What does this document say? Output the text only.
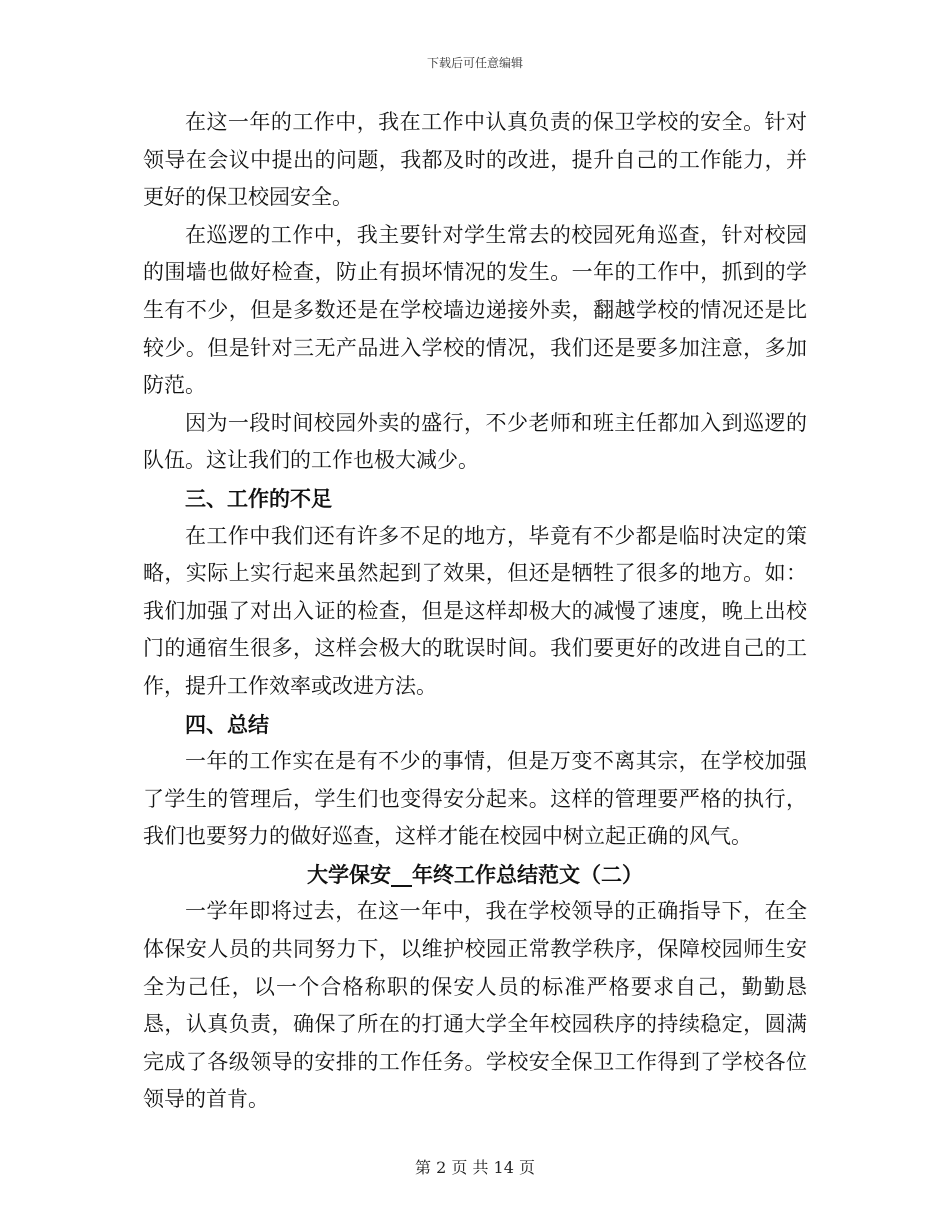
下载后可任意编辑

在这一年的工作中，我在工作中认真负责的保卫学校的安全。针对领导在会议中提出的问题，我都及时的改进，提升自己的工作能力，并更好的保卫校园安全。

在巡逻的工作中，我主要针对学生常去的校园死角巡查，针对校园的围墙也做好检查，防止有损坏情况的发生。一年的工作中，抓到的学生有不少，但是多数还是在学校墙边递接外卖，翻越学校的情况还是比较少。但是针对三无产品进入学校的情况，我们还是要多加注意，多加防范。

因为一段时间校园外卖的盛行，不少老师和班主任都加入到巡逻的队伍。这让我们的工作也极大减少。

三、工作的不足

在工作中我们还有许多不足的地方，毕竟有不少都是临时决定的策略，实际上实行起来虽然起到了效果，但还是牺牲了很多的地方。如：我们加强了对出入证的检查，但是这样却极大的减慢了速度，晚上出校门的通宿生很多，这样会极大的耽误时间。我们要更好的改进自己的工作，提升工作效率或改进方法。

四、总结

一年的工作实在是有不少的事情，但是万变不离其宗，在学校加强了学生的管理后，学生们也变得安分起来。这样的管理要严格的执行，我们也要努力的做好巡查，这样才能在校园中树立起正确的风气。

大学保安__年终工作总结范文（二）

一学年即将过去，在这一年中，我在学校领导的正确指导下，在全体保安人员的共同努力下，以维护校园正常教学秩序，保障校园师生安全为己任，以一个合格称职的保安人员的标准严格要求自己，勤勤恳恳，认真负责，确保了所在的打通大学全年校园秩序的持续稳定，圆满完成了各级领导的安排的工作任务。学校安全保卫工作得到了学校各位领导的首肯。

第 2 页 共 14 页
